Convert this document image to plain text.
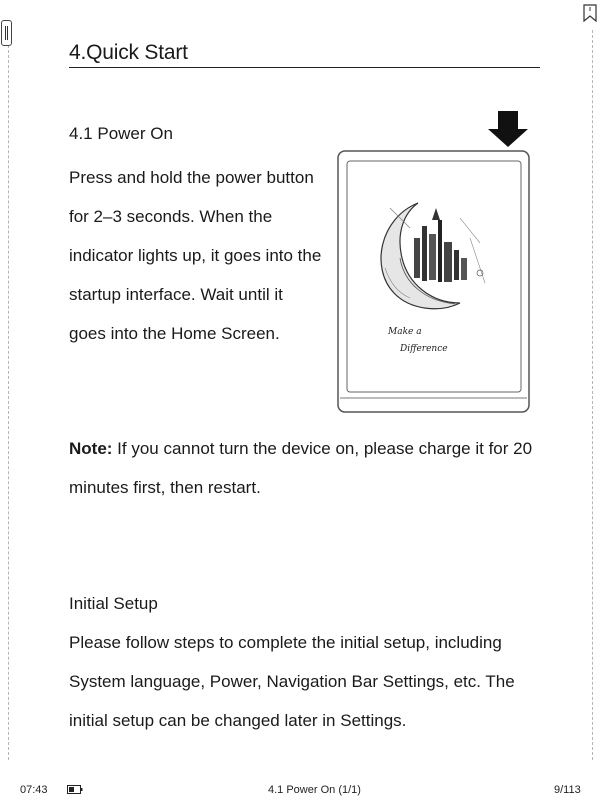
4.Quick Start
4.1 Power On

Press and hold the power button for 2–3 seconds. When the indicator lights up, it goes into the startup interface. Wait until it goes into the Home Screen.	Make a
Difference

Note: If you cannot turn the device on, please charge it for 20 minutes first, then restart.

Initial Setup

Please follow steps to complete the initial setup, including System language, Power, Navigation Bar Settings, etc. The initial setup can be changed later in Settings.

07:43	4.1 Power On (1/1)	9/113
